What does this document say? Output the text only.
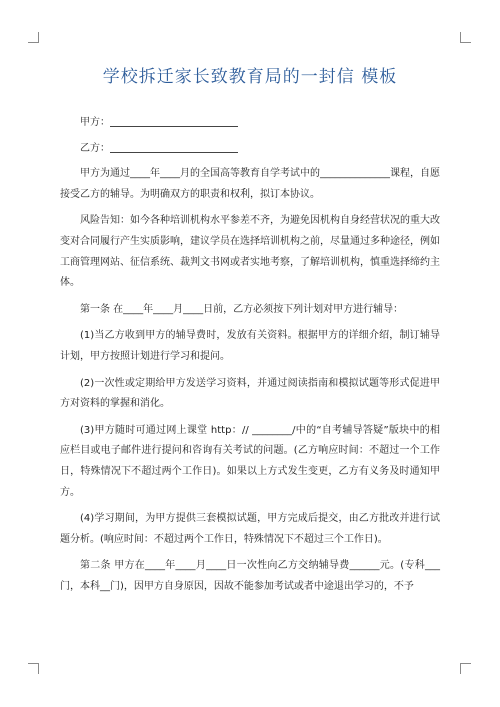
学校拆迁家长致教育局的一封信 模板
甲方：
乙方：

甲方为通过____年____月的全国高等教育自学考试中的______________课程，自愿接受乙方的辅导。为明确双方的职责和权利，拟订本协议。

风险告知：如今各种培训机构水平参差不齐，为避免因机构自身经营状况的重大改变对合同履行产生实质影响，建议学员在选择培训机构之前，尽量通过多种途径，例如工商管理网站、征信系统、裁判文书网或者实地考察，了解培训机构，慎重选择缔约主体。

第一条 在____年____月____日前，乙方必须按下列计划对甲方进行辅导：

(1)当乙方收到甲方的辅导费时，发放有关资料。根据甲方的详细介绍，制订辅导计划，甲方按照计划进行学习和提问。

(2)一次性或定期给甲方发送学习资料，并通过阅读指南和模拟试题等形式促进甲方对资料的掌握和消化。

(3)甲方随时可通过网上课堂 http：// ________/中的“自考辅导答疑”版块中的相应栏目或电子邮件进行提问和咨询有关考试的问题。(乙方响应时间：不超过一个工作日，特殊情况下不超过两个工作日)。如果以上方式发生变更，乙方有义务及时通知甲方。

(4)学习期间，为甲方提供三套模拟试题，甲方完成后提交，由乙方批改并进行试题分析。(响应时间：不超过两个工作日，特殊情况下不超过三个工作日)。

第二条 甲方在____年____月____日一次性向乙方交纳辅导费______元。(专科___门，本科__门)，因甲方自身原因，因故不能参加考试或者中途退出学习的，不予
